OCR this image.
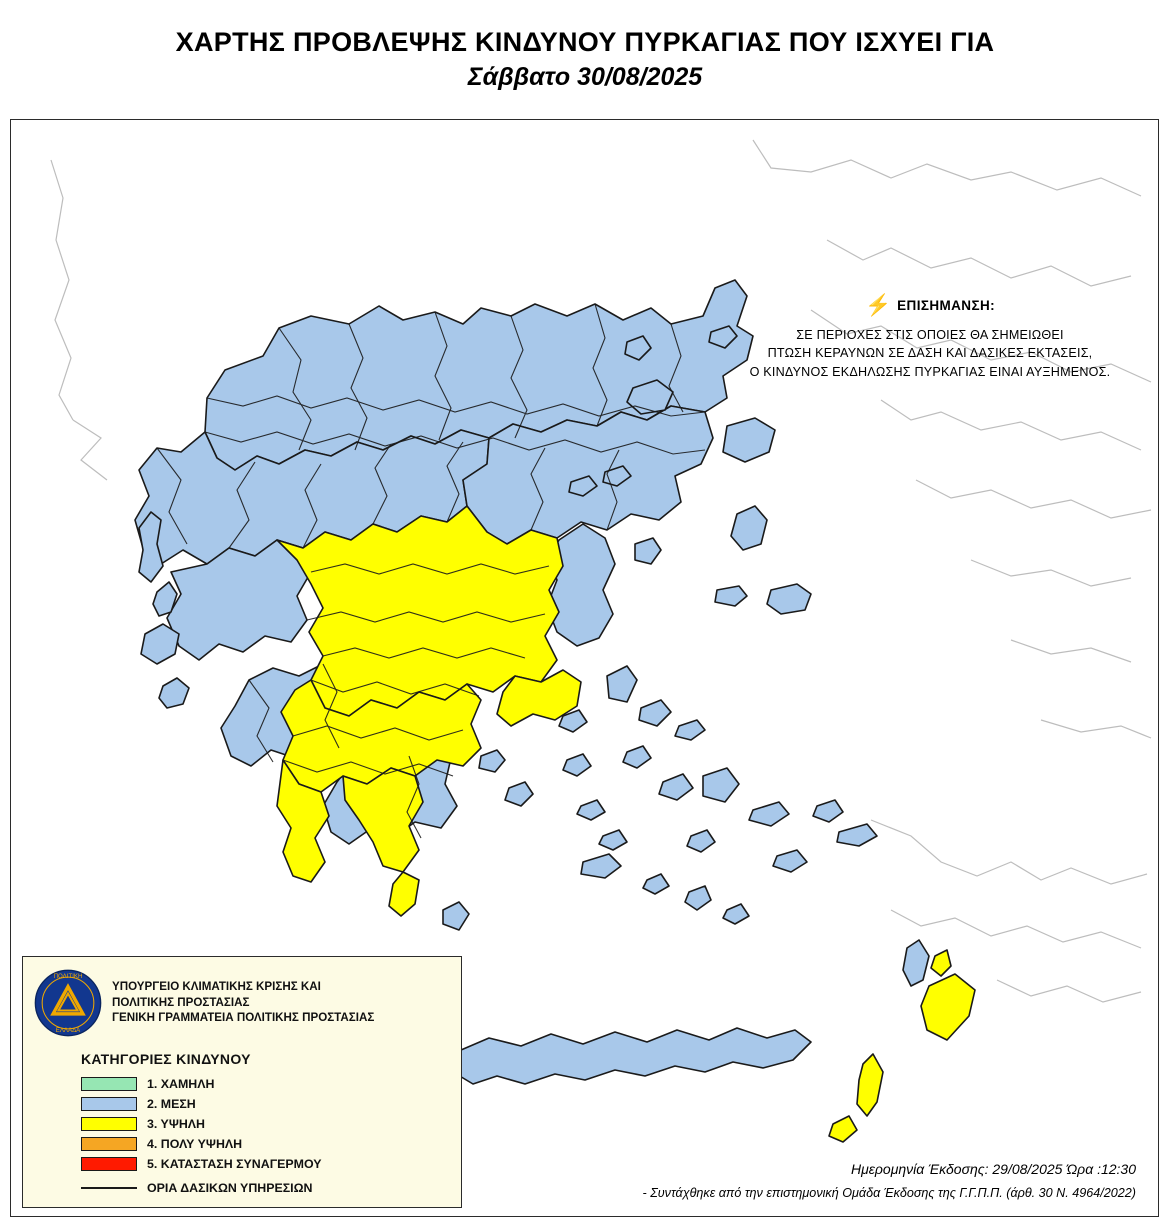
ΧΑΡΤΗΣ ΠΡΟΒΛΕΨΗΣ ΚΙΝΔΥΝΟΥ ΠΥΡΚΑΓΙΑΣ ΠΟΥ ΙΣΧΥΕΙ ΓΙΑ
Σάββατο 30/08/2025
⚡ ΕΠΙΣΗΜΑΝΣΗ:
ΣΕ ΠΕΡΙΟΧΕΣ ΣΤΙΣ ΟΠΟΙΕΣ ΘΑ ΣΗΜΕΙΩΘΕΙ
ΠΤΩΣΗ ΚΕΡΑΥΝΩΝ ΣΕ ΔΑΣΗ ΚΑΙ ΔΑΣΙΚΕΣ ΕΚΤΑΣΕΙΣ,
Ο ΚΙΝΔΥΝΟΣ ΕΚΔΗΛΩΣΗΣ ΠΥΡΚΑΓΙΑΣ ΕΙΝΑΙ ΑΥΞΗΜΕΝΟΣ.
ΠΟΛΙΤΙΚΗ
ΕΛΛΑΔΑ
ΥΠΟΥΡΓΕΙΟ ΚΛΙΜΑΤΙΚΗΣ ΚΡΙΣΗΣ ΚΑΙ
ΠΟΛΙΤΙΚΗΣ ΠΡΟΣΤΑΣΙΑΣ
ΓΕΝΙΚΗ ΓΡΑΜΜΑΤΕΙΑ ΠΟΛΙΤΙΚΗΣ ΠΡΟΣΤΑΣΙΑΣ
ΚΑΤΗΓΟΡΙΕΣ ΚΙΝΔΥΝΟΥ
1. ΧΑΜΗΛΗ
2. ΜΕΣΗ
3. ΥΨΗΛΗ
4. ΠΟΛΥ ΥΨΗΛΗ
5. ΚΑΤΑΣΤΑΣΗ ΣΥΝΑΓΕΡΜΟΥ
ΟΡΙΑ ΔΑΣΙΚΩΝ ΥΠΗΡΕΣΙΩΝ
Ημερομηνία Έκδοσης: 29/08/2025 Ώρα :12:30
- Συντάχθηκε από την επιστημονική Ομάδα Έκδοσης της Γ.Γ.Π.Π. (άρθ. 30 Ν. 4964/2022)
